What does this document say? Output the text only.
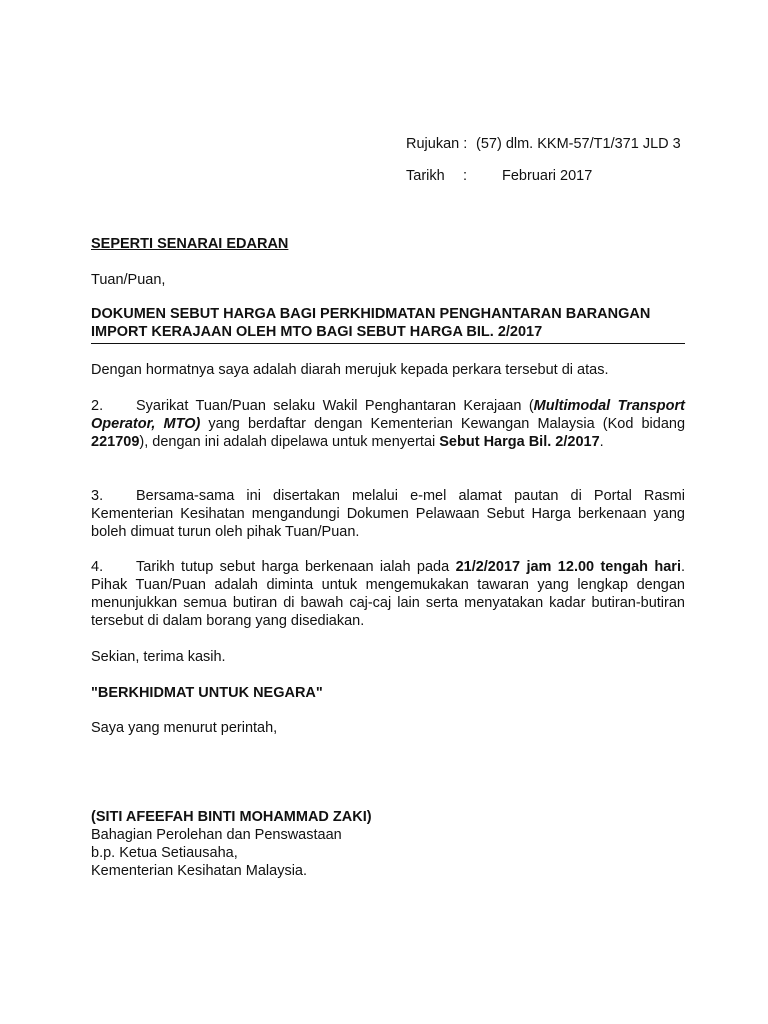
Rujukan : (57) dlm. KKM-57/T1/371 JLD 3
Tarikh : Februari 2017
SEPERTI SENARAI EDARAN
Tuan/Puan,
DOKUMEN SEBUT HARGA BAGI PERKHIDMATAN PENGHANTARAN BARANGAN
IMPORT KERAJAAN OLEH MTO BAGI SEBUT HARGA BIL. 2/2017
Dengan hormatnya saya adalah diarah merujuk kepada perkara tersebut di atas.
2. Syarikat Tuan/Puan selaku Wakil Penghantaran Kerajaan (Multimodal Transport Operator, MTO) yang berdaftar dengan Kementerian Kewangan Malaysia (Kod bidang 221709), dengan ini adalah dipelawa untuk menyertai Sebut Harga Bil. 2/2017.
3. Bersama-sama ini disertakan melalui e-mel alamat pautan di Portal Rasmi Kementerian Kesihatan mengandungi Dokumen Pelawaan Sebut Harga berkenaan yang boleh dimuat turun oleh pihak Tuan/Puan.
4. Tarikh tutup sebut harga berkenaan ialah pada 21/2/2017 jam 12.00 tengah hari. Pihak Tuan/Puan adalah diminta untuk mengemukakan tawaran yang lengkap dengan menunjukkan semua butiran di bawah caj-caj lain serta menyatakan kadar butiran-butiran tersebut di dalam borang yang disediakan.
Sekian, terima kasih.
"BERKHIDMAT UNTUK NEGARA"
Saya yang menurut perintah,
(SITI AFEEFAH BINTI MOHAMMAD ZAKI)
Bahagian Perolehan dan Penswastaan
b.p. Ketua Setiausaha,
Kementerian Kesihatan Malaysia.
